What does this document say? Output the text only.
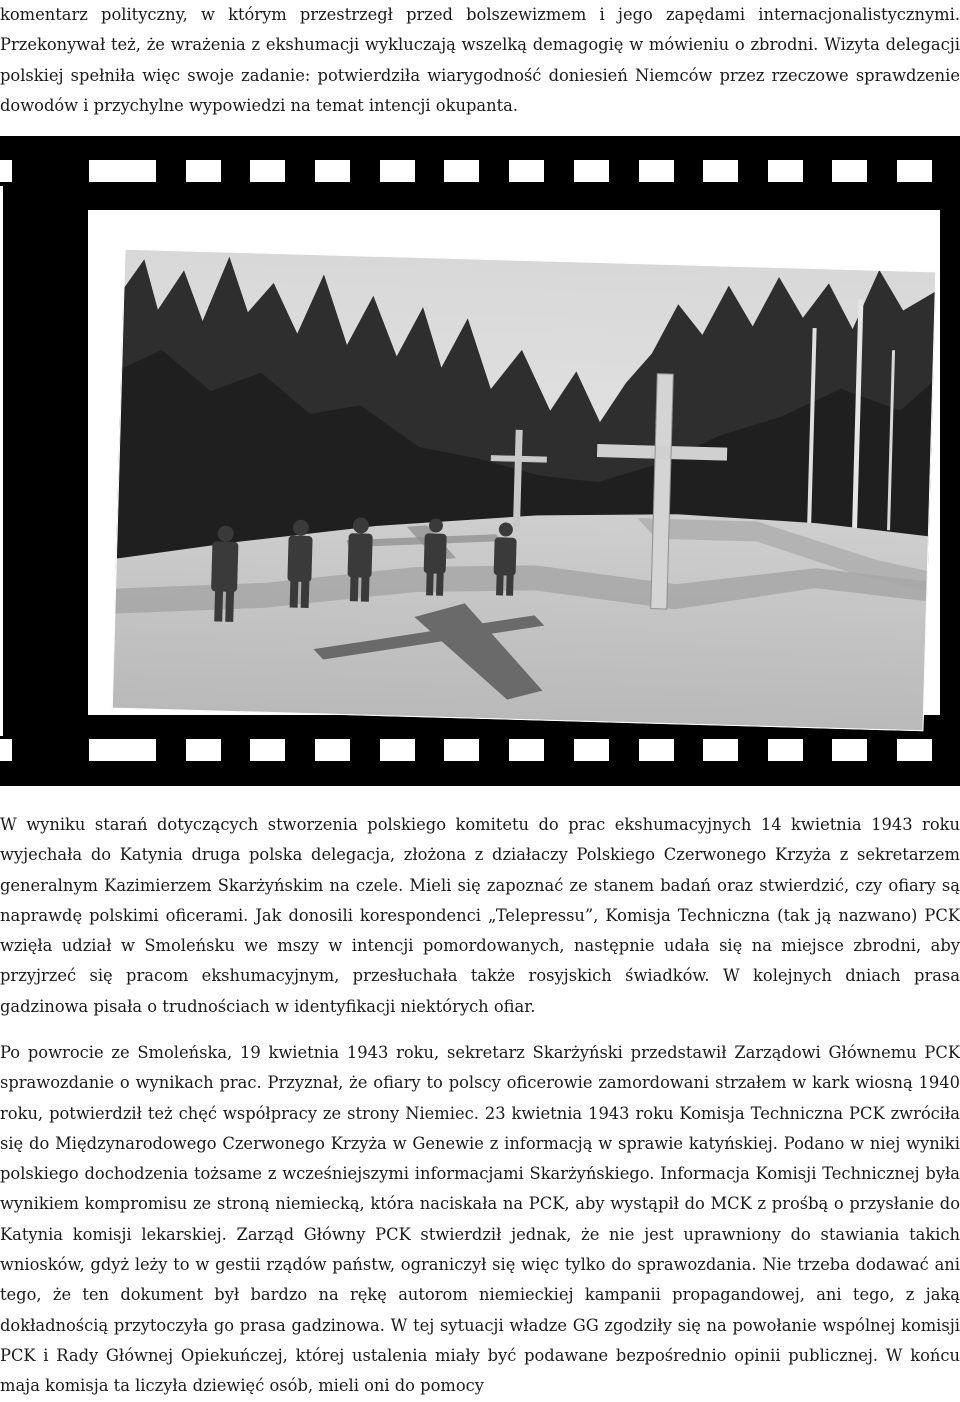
komentarz polityczny, w którym przestrzegł przed bolszewizmem i jego zapędami internacjonalistycznymi. Przekonywał też, że wrażenia z ekshumacji wykluczają wszelką demagogię w mówieniu o zbrodni. Wizyta delegacji polskiej spełniła więc swoje zadanie: potwierdziła wiarygodność doniesień Niemców przez rzeczowe sprawdzenie dowodów i przychylne wypowiedzi na temat intencji okupanta.

W wyniku starań dotyczących stworzenia polskiego komitetu do prac ekshumacyjnych 14 kwietnia 1943 roku wyjechała do Katynia druga polska delegacja, złożona z działaczy Polskiego Czerwonego Krzyża z sekretarzem generalnym Kazimierzem Skarżyńskim na czele. Mieli się zapoznać ze stanem badań oraz stwierdzić, czy ofiary są naprawdę polskimi oficerami. Jak donosili korespondenci „Telepressu”, Komisja Techniczna (tak ją nazwano) PCK wzięła udział w Smoleńsku we mszy w intencji pomordowanych, następnie udała się na miejsce zbrodni, aby przyjrzeć się pracom ekshumacyjnym, przesłuchała także rosyjskich świadków. W kolejnych dniach prasa gadzinowa pisała o trudnościach w identyfikacji niektórych ofiar.

Po powrocie ze Smoleńska, 19 kwietnia 1943 roku, sekretarz Skarżyński przedstawił Zarządowi Głównemu PCK sprawozdanie o wynikach prac. Przyznał, że ofiary to polscy oficerowie zamordowani strzałem w kark wiosną 1940 roku, potwierdził też chęć współpracy ze strony Niemiec. 23 kwietnia 1943 roku Komisja Techniczna PCK zwróciła się do Międzynarodowego Czerwonego Krzyża w Genewie z informacją w sprawie katyńskiej. Podano w niej wyniki polskiego dochodzenia tożsame z wcześniejszymi informacjami Skarżyńskiego. Informacja Komisji Technicznej była wynikiem kompromisu ze stroną niemiecką, która naciskała na PCK, aby wystąpił do MCK z prośbą o przysłanie do Katynia komisji lekarskiej. Zarząd Główny PCK stwierdził jednak, że nie jest uprawniony do stawiania takich wniosków, gdyż leży to w gestii rządów państw, ograniczył się więc tylko do sprawozdania. Nie trzeba dodawać ani tego, że ten dokument był bardzo na rękę autorom niemieckiej kampanii propagandowej, ani tego, z jaką dokładnością przytoczyła go prasa gadzinowa. W tej sytuacji władze GG zgodziły się na powołanie wspólnej komisji PCK i Rady Głównej Opiekuńczej, której ustalenia miały być podawane bezpośrednio opinii publicznej. W końcu maja komisja ta liczyła dziewięć osób, mieli oni do pomocy
